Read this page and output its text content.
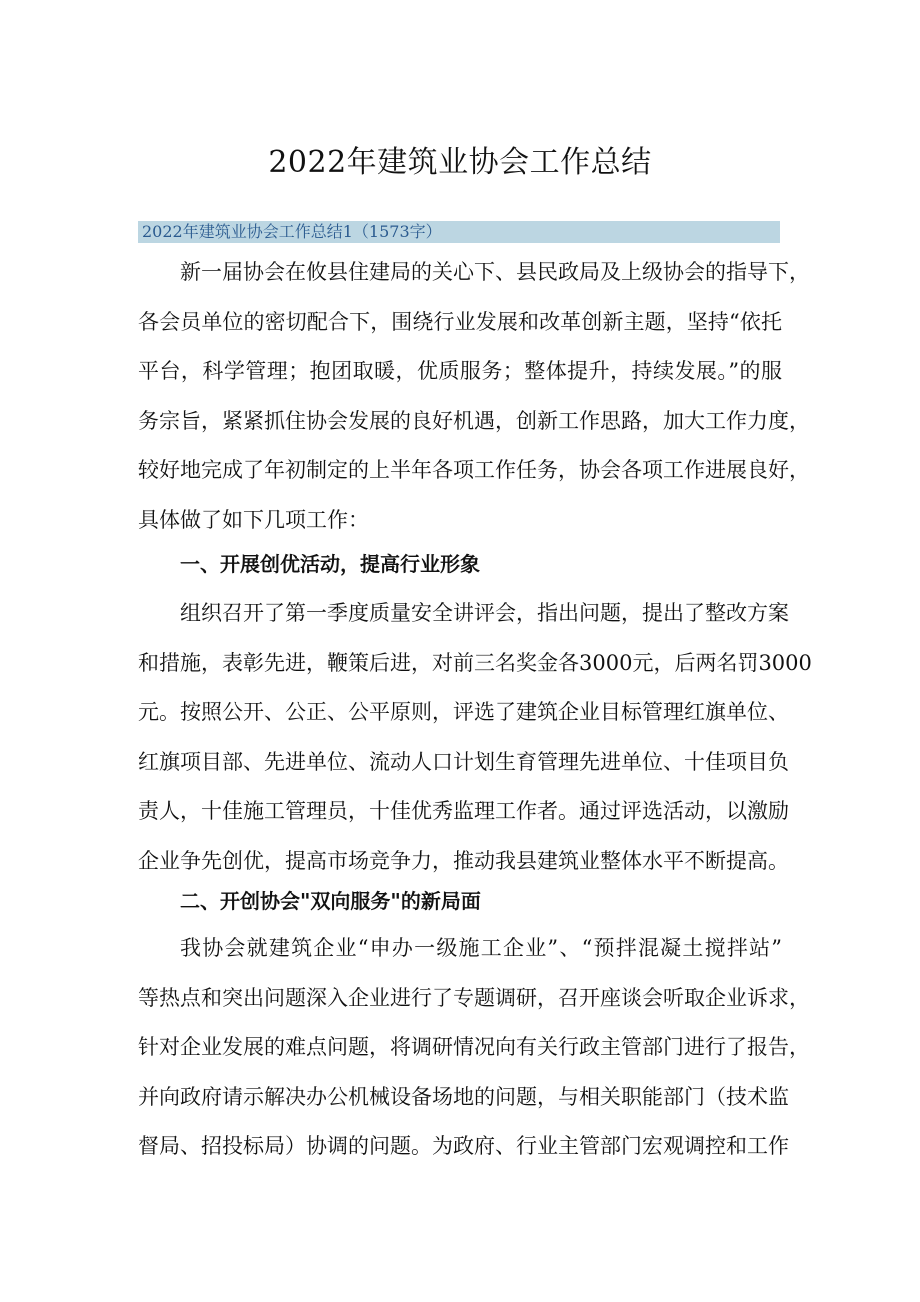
2022年建筑业协会工作总结
2022年建筑业协会工作总结1（1573字）
新一届协会在攸县住建局的关心下、县民政局及上级协会的指导下，
各会员单位的密切配合下，围绕行业发展和改革创新主题，坚持“依托
平台，科学管理；抱团取暖，优质服务；整体提升，持续发展。”的服
务宗旨，紧紧抓住协会发展的良好机遇，创新工作思路，加大工作力度，
较好地完成了年初制定的上半年各项工作任务，协会各项工作进展良好，
具体做了如下几项工作：
一、开展创优活动，提高行业形象
组织召开了第一季度质量安全讲评会，指出问题，提出了整改方案
和措施，表彰先进，鞭策后进，对前三名奖金各3000元，后两名罚3000
元。按照公开、公正、公平原则，评选了建筑企业目标管理红旗单位、
红旗项目部、先进单位、流动人口计划生育管理先进单位、十佳项目负
责人，十佳施工管理员，十佳优秀监理工作者。通过评选活动，以激励
企业争先创优，提高市场竞争力，推动我县建筑业整体水平不断提高。
二、开创协会"双向服务"的新局面
我协会就建筑企业“申办一级施工企业”、“预拌混凝土搅拌站”
等热点和突出问题深入企业进行了专题调研，召开座谈会听取企业诉求，
针对企业发展的难点问题，将调研情况向有关行政主管部门进行了报告，
并向政府请示解决办公机械设备场地的问题，与相关职能部门（技术监
督局、招投标局）协调的问题。为政府、行业主管部门宏观调控和工作
